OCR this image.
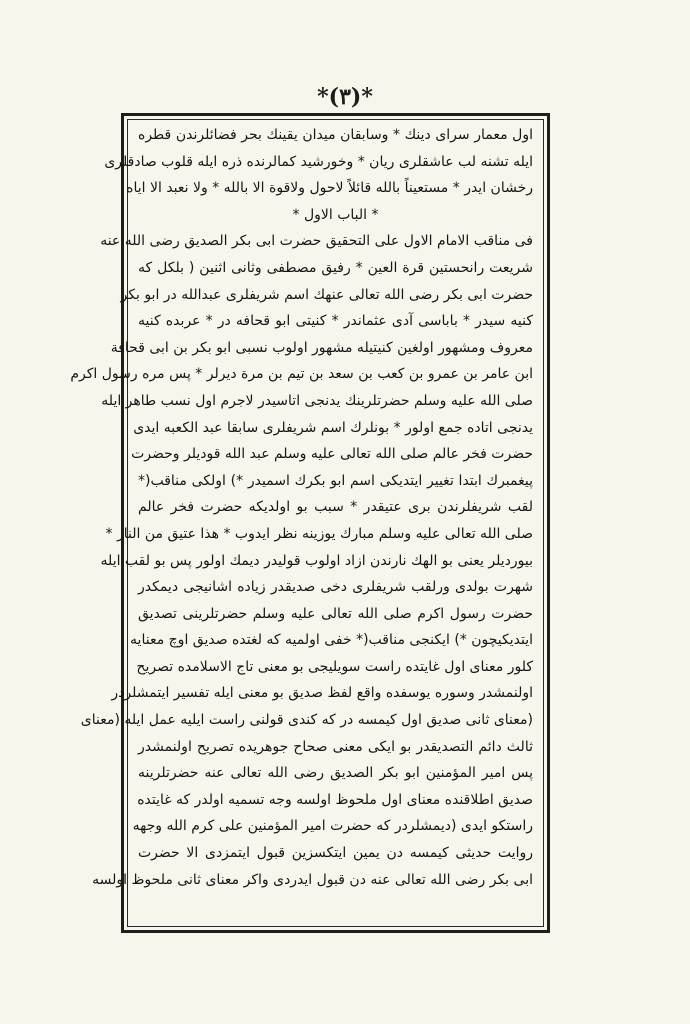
*(٣)*
اول معمار سرای دینك * وسابقان میدان یقینك بحر فضائلرندن قطره
ایله تشنه لب عاشقلری ریان * وخورشید کمالرنده ذره ایله قلوب صادقلری
رخشان ایدر * مستعیناً بالله قائلاً لاحول ولاقوة الا بالله * ولا نعبد الا ایاه
* الباب الاول *
فی مناقب الامام الاول علی التحقیق حضرت ابی بکر الصدیق رضی الله عنه
شریعت رانحستین قرة العین * رفیق مصطفی وثانی اثنین ( بلکل که
حضرت ابی بکر رضی الله تعالی عنهك اسم شریفلری عبدالله در ابو بکر
کنیه سیدر * باباسی آدی عثماندر * کنیتی ابو قحافه در * عربده کنیه
معروف ومشهور اولغین کنیتیله مشهور اولوب نسبی ابو بکر بن ابی قحافة
ابن عامر بن عمرو بن کعب بن سعد بن تیم بن مرة دیرلر * پس مره رسول اکرم
صلی الله علیه وسلم حضرتلرینك یدنجی اتاسیدر لاجرم اول نسب طاهر ایله
یدنجی اتاده جمع اولور * بونلرك اسم شریفلری سابقا عبد الکعبه ایدی
حضرت فخر عالم صلی الله تعالی علیه وسلم عبد الله قودیلر وحضرت
پیغمبرك ابتدا تغییر ایتدیکی اسم ابو بکرك اسمیدر *) اولکی مناقب(*
لقب شریفلرندن بری عتیقدر * سبب بو اولدیکه حضرت فخر عالم
صلی الله تعالی علیه وسلم مبارك یوزینه نظر ایدوب * هذا عتیق من النار *
بیوردیلر یعنی بو الهك نارندن ازاد اولوب قولیدر دیمك اولور پس بو لقب ایله
شهرت بولدی ورلقب شریفلری دخی صدیقدر زیاده اشانیجی دیمکدر
حضرت رسول اکرم صلی الله تعالی علیه وسلم حضرتلرینی تصدیق
ایتدیکیچون *) ایکنجی مناقب(* خفی اولمیه که لغتده صدیق اوچ معنایه
کلور معنای اول غایتده راست سویلیجی بو معنی تاج الاسلامده تصریح
اولنمشدر وسوره یوسفده واقع لفظ صدیق بو معنی ایله تفسیر ایتمشلردر
(معنای ثانی صدیق اول کیمسه در که کندی قولنی راست ایلیه عمل ایله (معنای
ثالث دائم التصدیقدر بو ایکی معنی صحاح جوهریده تصریح اولنمشدر
پس امیر المؤمنین ابو بکر الصدیق رضی الله تعالی عنه حضرتلرینه
صدیق اطلاقنده معنای اول ملحوظ اولسه وجه تسمیه اولدر که غایتده
راستکو ایدی (دیمشلردر که حضرت امیر المؤمنین علی کرم الله وجهه
روایت حدیثی کیمسه دن یمین ایتکسزین قبول ایتمزدی الا حضرت
ابی بکر رضی الله تعالی عنه دن قبول ایدردی واکر معنای ثانی ملحوظ اولسه
